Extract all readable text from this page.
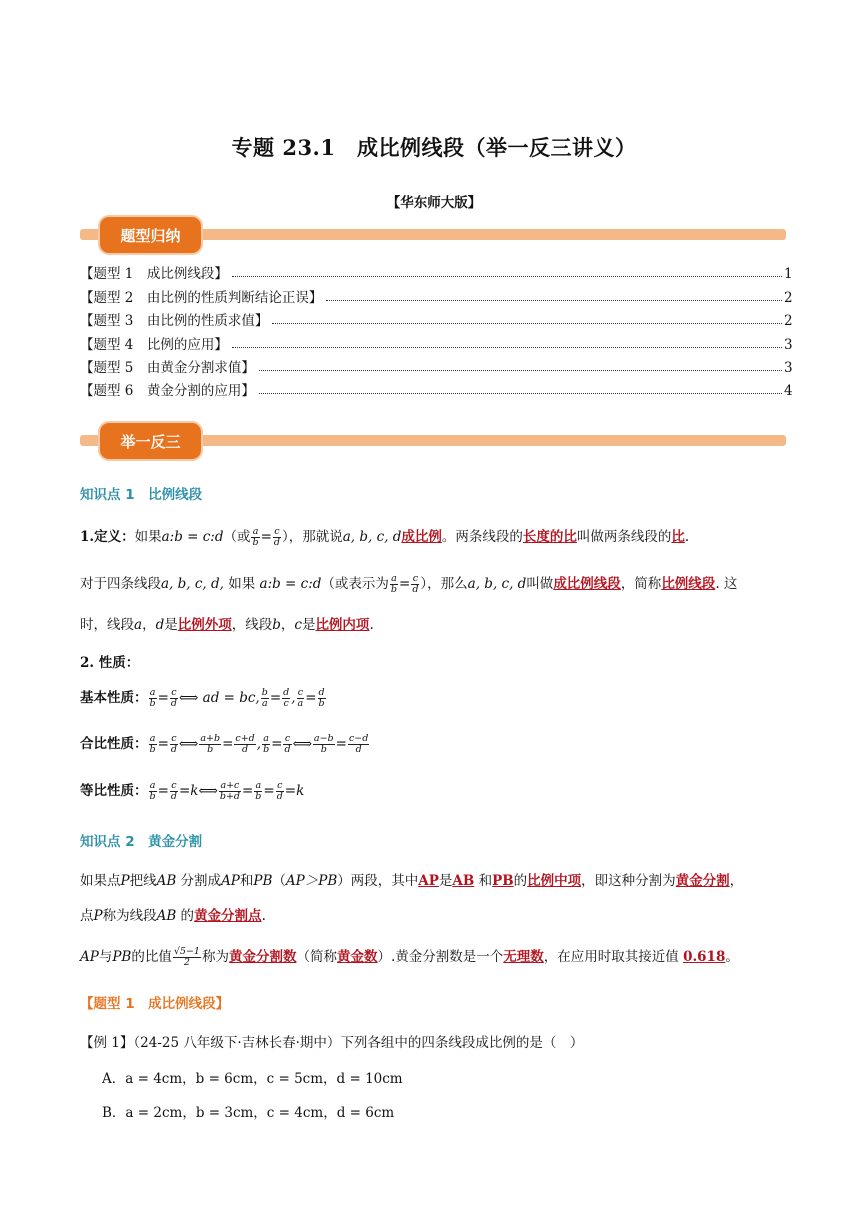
专题 23.1　成比例线段（举一反三讲义）
【华东师大版】
题型归纳
【题型 1　成比例线段】	1
【题型 2　由比例的性质判断结论正误】	2
【题型 3　由比例的性质求值】	2
【题型 4　比例的应用】	3
【题型 5　由黄金分割求值】	3
【题型 6　黄金分割的应用】	4
举一反三
知识点 1　比例线段
1.定义：如果a:b = c:d（或 $\frac{a}{b} = \frac{c}{d}$ ），那就说a, b, c, d成比例。两条线段的长度的比叫做两条线段的比.
对于四条线段a, b, c, d, 如果 a:b = c:d（或表示为 $\frac{a}{b} = \frac{c}{d}$ ），那么a, b, c, d叫做成比例线段，简称比例线段. 这
时，线段a，d是比例外项，线段b，c是比例内项.
2. 性质：
基本性质： $\frac{a}{b} = \frac{c}{d}$ ⟺ ad = bc, $\frac{b}{a} = \frac{d}{c}$ , $\frac{c}{a} = \frac{d}{b}$
合比性质： $\frac{a}{b} = \frac{c}{d}$ ⟺ $\frac{a+b}{b} = \frac{c+d}{d}$ , $\frac{a}{b} = \frac{c}{d}$ ⟺ $\frac{a-b}{b} = \frac{c-d}{d}$
等比性质： $\frac{a}{b} = \frac{c}{d}$ =k⟺ $\frac{a+c}{b+d} = \frac{a}{b} = \frac{c}{d} =k$
知识点 2　黄金分割
如果点P把线AB 分割成AP和PB（AP＞PB）两段，其中AP是AB 和PB的比例中项，即这种分割为黄金分割，
点P称为线段AB 的黄金分割点.
AP与PB的比值 $\frac{√5-1}{2}$ 称为黄金分割数（简称黄金数）.黄金分割数是一个无理数，在应用时取其接近值 0.618。
【题型 1　成比例线段】
【例 1】（24-25 八年级下·吉林长春·期中）下列各组中的四条线段成比例的是（　）
A．a = 4cm，b = 6cm，c = 5cm，d = 10cm
B．a = 2cm，b = 3cm，c = 4cm，d = 6cm
